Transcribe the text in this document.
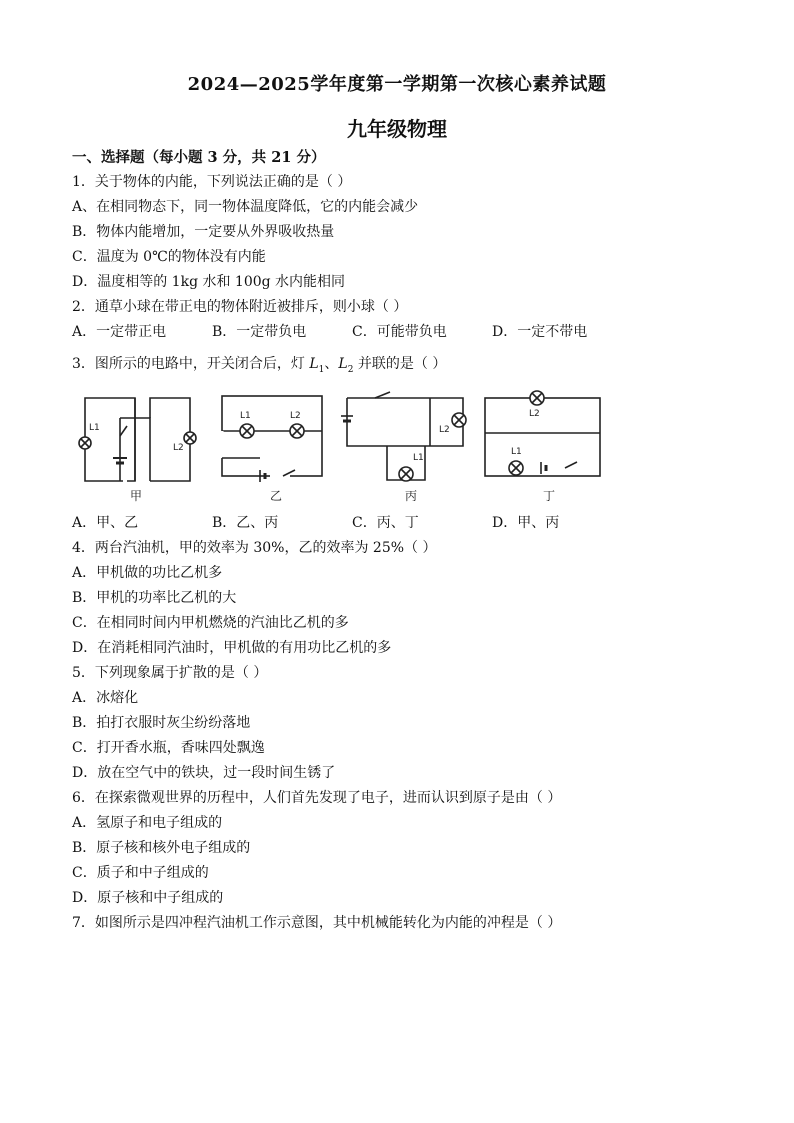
2024—2025学年度第一学期第一次核心素养试题
九年级物理
一、选择题（每小题 3 分，共 21 分）
1．关于物体的内能，下列说法正确的是（ ）
A、在相同物态下，同一物体温度降低，它的内能会减少
B．物体内能增加，一定要从外界吸收热量
C．温度为 0℃的物体没有内能
D．温度相等的 1kg 水和 100g 水内能相同
2．通草小球在带正电的物体附近被排斥，则小球（ ）
A．一定带正电	B．一定带负电	C．可能带负电	D．一定不带电
3．图所示的电路中，开关闭合后，灯 $L_1$、$L_2$ 并联的是（ ）
L1
L2
甲
L1	L2
乙
L1
L2
丙
L2
L1
丁
A．甲、乙	B．乙、丙	C．丙、丁	D．甲、丙
4．两台汽油机，甲的效率为 30%，乙的效率为 25%（ ）
A．甲机做的功比乙机多
B．甲机的功率比乙机的大
C．在相同时间内甲机燃烧的汽油比乙机的多
D．在消耗相同汽油时，甲机做的有用功比乙机的多
5．下列现象属于扩散的是（ ）
A．冰熔化
B．拍打衣服时灰尘纷纷落地
C．打开香水瓶，香味四处飘逸
D．放在空气中的铁块，过一段时间生锈了
6．在探索微观世界的历程中，人们首先发现了电子，进而认识到原子是由（ ）
A．氢原子和电子组成的
B．原子核和核外电子组成的
C．质子和中子组成的
D．原子核和中子组成的
7．如图所示是四冲程汽油机工作示意图，其中机械能转化为内能的冲程是（ ）
